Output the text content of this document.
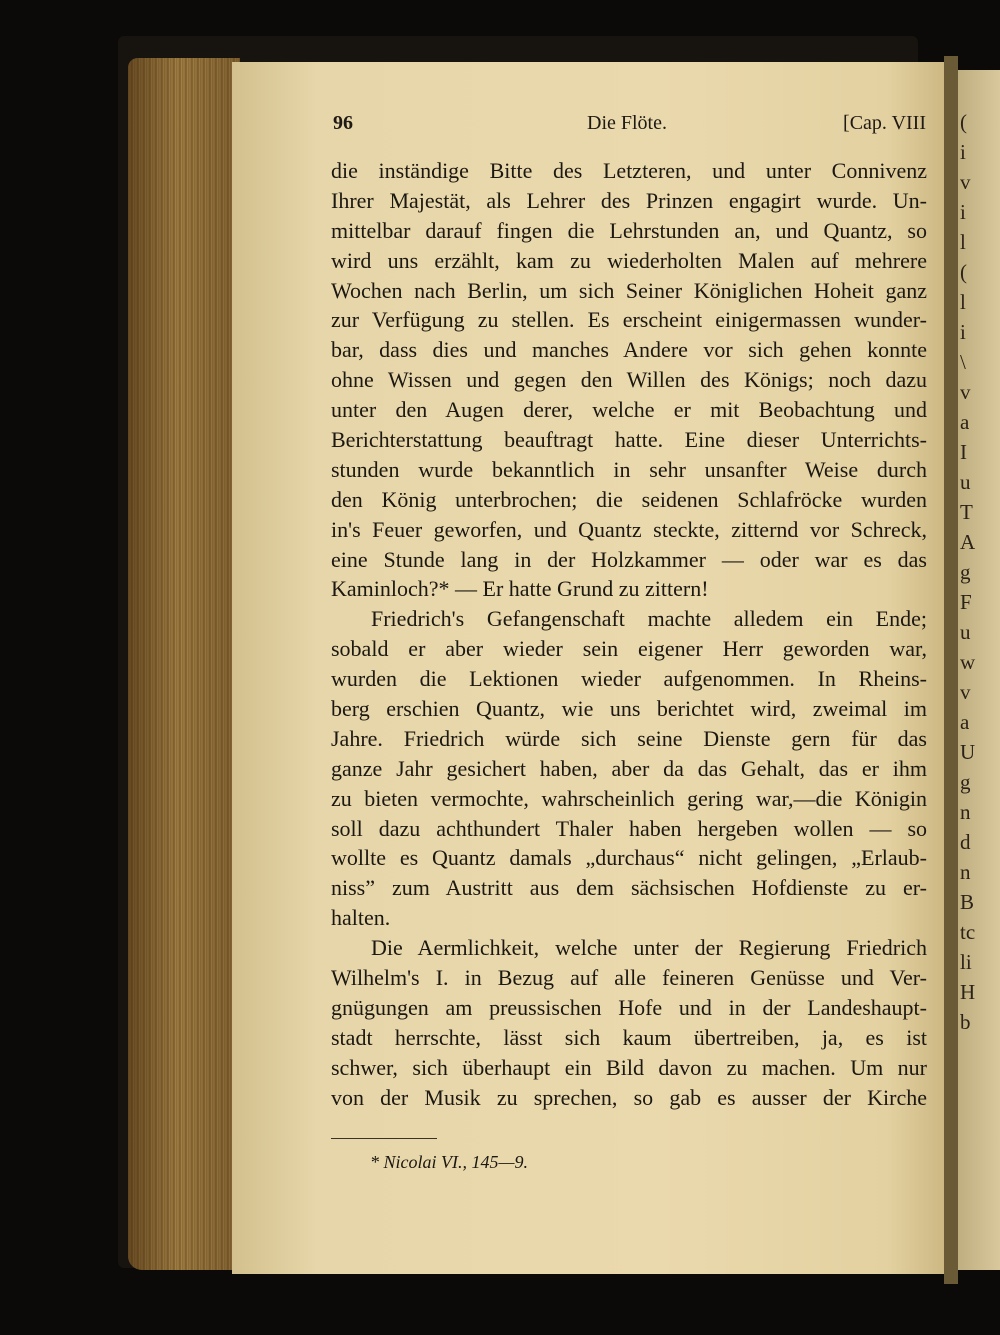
(
i
v
i
l
(
l
i
\
v
a
I
u
T
A
g
F
u
w
v
a
U
g
n
d
n
B
tc
li
H
b
96	Die Flöte.	[Cap. VIII
die inständige Bitte des Letzteren, und unter Connivenz
Ihrer Majestät, als Lehrer des Prinzen engagirt wurde. Un-
mittelbar darauf fingen die Lehrstunden an, und Quantz, so
wird uns erzählt, kam zu wiederholten Malen auf mehrere
Wochen nach Berlin, um sich Seiner Königlichen Hoheit ganz
zur Verfügung zu stellen. Es erscheint einigermassen wunder-
bar, dass dies und manches Andere vor sich gehen konnte
ohne Wissen und gegen den Willen des Königs; noch dazu
unter den Augen derer, welche er mit Beobachtung und
Berichterstattung beauftragt hatte. Eine dieser Unterrichts-
stunden wurde bekanntlich in sehr unsanfter Weise durch
den König unterbrochen; die seidenen Schlafröcke wurden
in's Feuer geworfen, und Quantz steckte, zitternd vor Schreck,
eine Stunde lang in der Holzkammer — oder war es das
Kaminloch?* — Er hatte Grund zu zittern!
Friedrich's Gefangenschaft machte alledem ein Ende;
sobald er aber wieder sein eigener Herr geworden war,
wurden die Lektionen wieder aufgenommen. In Rheins-
berg erschien Quantz, wie uns berichtet wird, zweimal im
Jahre. Friedrich würde sich seine Dienste gern für das
ganze Jahr gesichert haben, aber da das Gehalt, das er ihm
zu bieten vermochte, wahrscheinlich gering war,—die Königin
soll dazu achthundert Thaler haben hergeben wollen — so
wollte es Quantz damals „durchaus“ nicht gelingen, „Erlaub-
niss” zum Austritt aus dem sächsischen Hofdienste zu er-
halten.
Die Aermlichkeit, welche unter der Regierung Friedrich
Wilhelm's I. in Bezug auf alle feineren Genüsse und Ver-
gnügungen am preussischen Hofe und in der Landeshaupt-
stadt herrschte, lässt sich kaum übertreiben, ja, es ist
schwer, sich überhaupt ein Bild davon zu machen. Um nur
von der Musik zu sprechen, so gab es ausser der Kirche
* Nicolai VI., 145—9.
